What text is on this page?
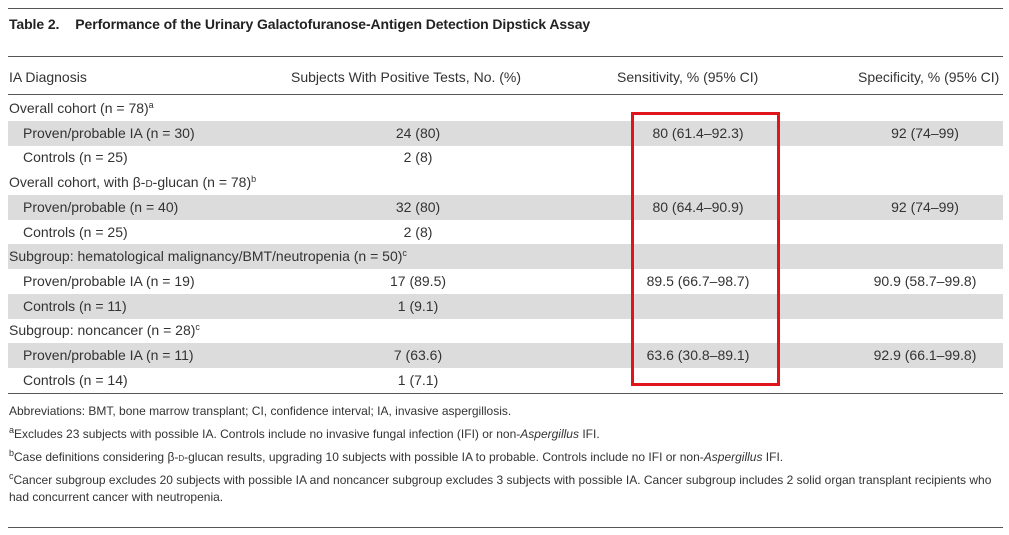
Table 2. Performance of the Urinary Galactofuranose-Antigen Detection Dipstick Assay
IA Diagnosis	Subjects With Positive Tests, No. (%)	Sensitivity, % (95% CI)	Specificity, % (95% CI)
Overall cohort (n = 78)$^a$
Proven/probable IA (n = 30)	24 (80)	80 (61.4–92.3)	92 (74–99)
Controls (n = 25)	2 (8)
Overall cohort, with β-d-glucan (n = 78)$^b$
Proven/probable (n = 40)	32 (80)	80 (64.4–90.9)	92 (74–99)
Controls (n = 25)	2 (8)
Subgroup: hematological malignancy/BMT/neutropenia (n = 50)$^c$
Proven/probable IA (n = 19)	17 (89.5)	89.5 (66.7–98.7)	90.9 (58.7–99.8)
Controls (n = 11)	1 (9.1)
Subgroup: noncancer (n = 28)$^c$
Proven/probable IA (n = 11)	7 (63.6)	63.6 (30.8–89.1)	92.9 (66.1–99.8)
Controls (n = 14)	1 (7.1)
Abbreviations: BMT, bone marrow transplant; CI, confidence interval; IA, invasive aspergillosis.
$^a$Excludes 23 subjects with possible IA. Controls include no invasive fungal infection (IFI) or non-Aspergillus IFI.
$^b$Case definitions considering β-d-glucan results, upgrading 10 subjects with possible IA to probable. Controls include no IFI or non-Aspergillus IFI.
$^c$Cancer subgroup excludes 20 subjects with possible IA and noncancer subgroup excludes 3 subjects with possible IA. Cancer subgroup includes 2 solid organ transplant recipients who
had concurrent cancer with neutropenia.
